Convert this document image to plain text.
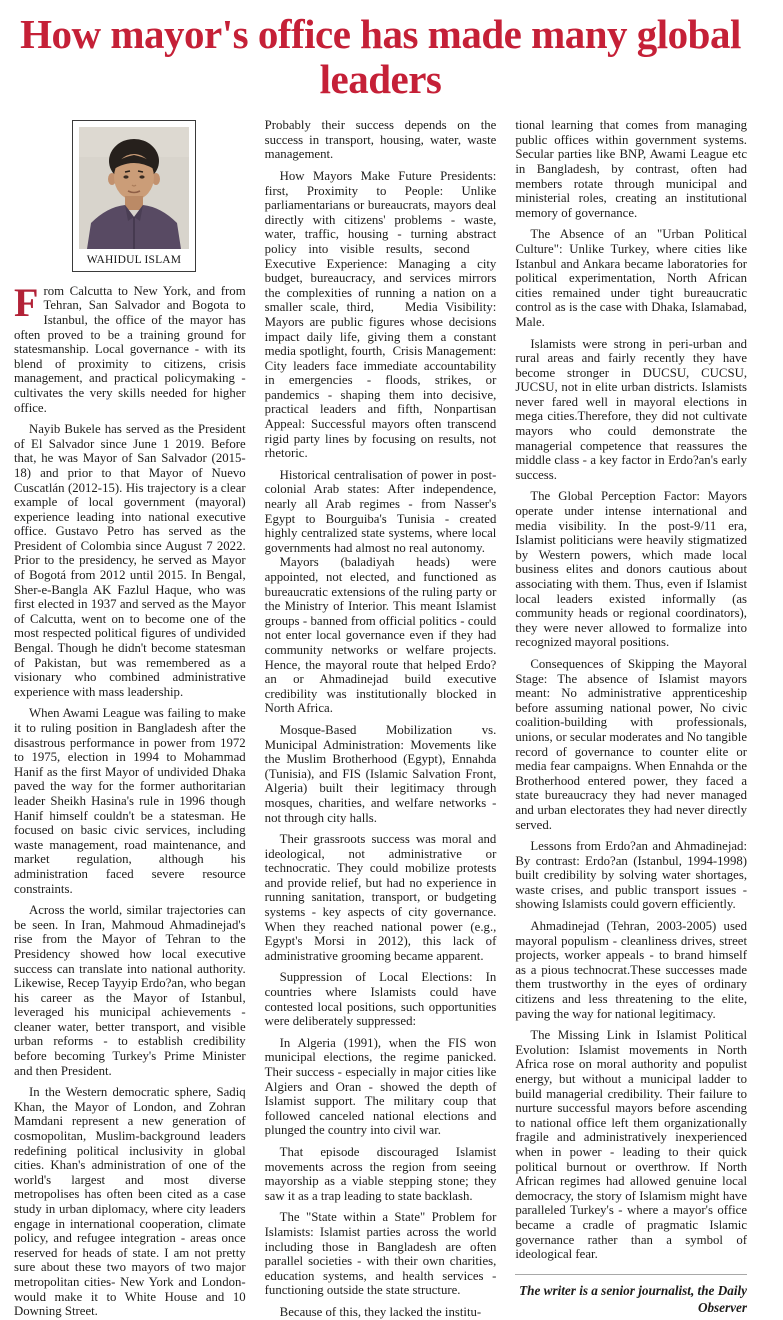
How mayor's office has made many global leaders
WAHIDUL ISLAM

From Calcutta to New York, and from Tehran, San Salvador and Bogota to Istanbul, the office of the mayor has often proved to be a training ground for statesmanship. Local governance - with its blend of proximity to citizens, crisis management, and practical policymaking - cultivates the very skills needed for higher office.

Nayib Bukele has served as the President of El Salvador since June 1 2019. Before that, he was Mayor of San Salvador (2015-18) and prior to that Mayor of Nuevo Cuscatlán (2012-15). His trajectory is a clear example of local government (mayoral) experience leading into national executive office. Gustavo Petro has served as the President of Colombia since August 7 2022. Prior to the presidency, he served as Mayor of Bogotá from 2012 until 2015. In Bengal, Sher-e-Bangla AK Fazlul Haque, who was first elected in 1937 and served as the Mayor of Calcutta, went on to become one of the most respected political figures of undivided Bengal. Though he didn't become statesman of Pakistan, but was remembered as a visionary who combined administrative experience with mass leadership.

When Awami League was failing to make it to ruling position in Bangladesh after the disastrous performance in power from 1972 to 1975, election in 1994 to Mohammad Hanif as the first Mayor of undivided Dhaka paved the way for the former authoritarian leader Sheikh Hasina's rule in 1996 though Hanif himself couldn't be a statesman. He focused on basic civic services, including waste management, road maintenance, and market regulation, although his administration faced severe resource constraints.

Across the world, similar trajectories can be seen. In Iran, Mahmoud Ahmadinejad's rise from the Mayor of Tehran to the Presidency showed how local executive success can translate into national authority. Likewise, Recep Tayyip Erdo?an, who began his career as the Mayor of Istanbul, leveraged his municipal achievements - cleaner water, better transport, and visible urban reforms - to establish credibility before becoming Turkey's Prime Minister and then President.

In the Western democratic sphere, Sadiq Khan, the Mayor of London, and Zohran Mamdani represent a new generation of cosmopolitan, Muslim-background leaders redefining political inclusivity in global cities. Khan's administration of one of the world's largest and most diverse metropolises has often been cited as a case study in urban diplomacy, where city leaders engage in international cooperation, climate policy, and refugee integration - areas once reserved for heads of state. I am not pretty sure about these two mayors of two major metropolitan cities- New York and London- would make it to White House and 10 Downing Street.

Probably their success depends on the success in transport, housing, water, waste management.

How Mayors Make Future Presidents: first, Proximity to People: Unlike parliamentarians or bureaucrats, mayors deal directly with citizens' problems - waste, water, traffic, housing - turning abstract policy into visible results, second    Executive Experience: Managing a city budget, bureaucracy, and services mirrors the complexities of running a nation on a smaller scale, third,    Media Visibility: Mayors are public figures whose decisions impact daily life, giving them a constant media spotlight, fourth,  Crisis Management: City leaders face immediate accountability in emergencies - floods, strikes, or pandemics - shaping them into decisive, practical leaders and fifth, Nonpartisan Appeal: Successful mayors often transcend rigid party lines by focusing on results, not rhetoric.

Historical centralisation of power in post-colonial Arab states: After independence, nearly all Arab regimes - from Nasser's Egypt to Bourguiba's Tunisia - created highly centralized state systems, where local governments had almost no real autonomy.

Mayors (baladiyah heads) were appointed, not elected, and functioned as bureaucratic extensions of the ruling party or the Ministry of Interior. This meant Islamist groups - banned from official politics - could not enter local governance even if they had community networks or welfare projects. Hence, the mayoral route that helped Erdo?an or Ahmadinejad build executive credibility was institutionally blocked in North Africa.

Mosque-Based Mobilization vs. Municipal Administration: Movements like the Muslim Brotherhood (Egypt), Ennahda (Tunisia), and FIS (Islamic Salvation Front, Algeria) built their legitimacy through mosques, charities, and welfare networks - not through city halls.

Their grassroots success was moral and ideological, not administrative or technocratic. They could mobilize protests and provide relief, but had no experience in running sanitation, transport, or budgeting systems - key aspects of city governance. When they reached national power (e.g., Egypt's Morsi in 2012), this lack of administrative grooming became apparent.

Suppression of Local Elections: In countries where Islamists could have contested local positions, such opportunities were deliberately suppressed:

In Algeria (1991), when the FIS won municipal elections, the regime panicked. Their success - especially in major cities like Algiers and Oran - showed the depth of Islamist support. The military coup that followed canceled national elections and plunged the country into civil war.

That episode discouraged Islamist movements across the region from seeing mayorship as a viable stepping stone; they saw it as a trap leading to state backlash.

The "State within a State" Problem for Islamists: Islamist parties across the world including those in Bangladesh are often parallel societies - with their own charities, education systems, and health services - functioning outside the state structure.

Because of this, they lacked the institu-

tional learning that comes from managing public offices within government systems. Secular parties like BNP, Awami League etc in Bangladesh, by contrast, often had members rotate through municipal and ministerial roles, creating an institutional memory of governance.

The Absence of an "Urban Political Culture": Unlike Turkey, where cities like Istanbul and Ankara became laboratories for political experimentation, North African cities remained under tight bureaucratic control as is the case with Dhaka, Islamabad, Male.

Islamists were strong in peri-urban and rural areas and fairly recently they have become stronger in DUCSU, CUCSU, JUCSU, not in elite urban districts. Islamists never fared well in mayoral elections in mega cities.Therefore, they did not cultivate mayors who could demonstrate the managerial competence that reassures the middle class - a key factor in Erdo?an's early success.

The Global Perception Factor: Mayors operate under intense international and media visibility. In the post-9/11 era, Islamist politicians were heavily stigmatized by Western powers, which made local business elites and donors cautious about associating with them. Thus, even if Islamist local leaders existed informally (as community heads or regional coordinators), they were never allowed to formalize into recognized mayoral positions.

Consequences of Skipping the Mayoral Stage: The absence of Islamist mayors meant: No administrative apprenticeship before assuming national power, No civic coalition-building with professionals, unions, or secular moderates and No tangible record of governance to counter elite or media fear campaigns. When Ennahda or the Brotherhood entered power, they faced a state bureaucracy they had never managed and urban electorates they had never directly served.

Lessons from Erdo?an and Ahmadinejad: By contrast: Erdo?an (Istanbul, 1994-1998) built credibility by solving water shortages, waste crises, and public transport issues - showing Islamists could govern efficiently.

Ahmadinejad (Tehran, 2003-2005) used mayoral populism - cleanliness drives, street projects, worker appeals - to brand himself as a pious technocrat.These successes made them trustworthy in the eyes of ordinary citizens and less threatening to the elite, paving the way for national legitimacy.

The Missing Link in Islamist Political Evolution: Islamist movements in North Africa rose on moral authority and populist energy, but without a municipal ladder to build managerial credibility. Their failure to nurture successful mayors before ascending to national office left them organizationally fragile and administratively inexperienced when in power - leading to their quick political burnout or overthrow. If North African regimes had allowed genuine local democracy, the story of Islamism might have paralleled Turkey's - where a mayor's office became a cradle of pragmatic Islamic governance rather than a symbol of ideological fear.

The writer is a senior journalist, the Daily Observer
